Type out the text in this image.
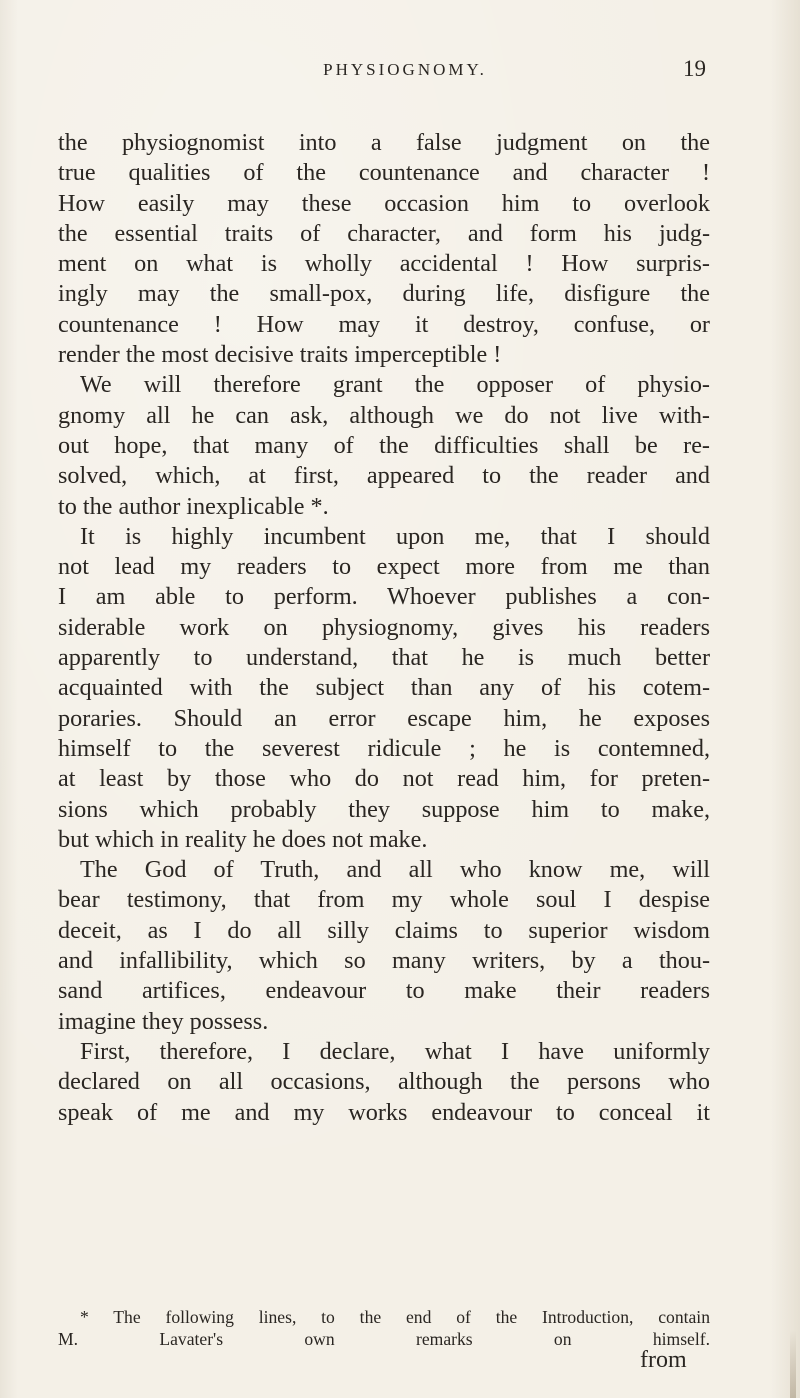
PHYSIOGNOMY.	19
the physiognomist into a false judgment on the
true qualities of the countenance and character !
How easily may these occasion him to overlook
the essential traits of character, and form his judg-
ment on what is wholly accidental ! How surpris-
ingly may the small-pox, during life, disfigure the
countenance ! How may it destroy, confuse, or
render the most decisive traits imperceptible !
We will therefore grant the opposer of physio-
gnomy all he can ask, although we do not live with-
out hope, that many of the difficulties shall be re-
solved, which, at first, appeared to the reader and
to the author inexplicable *.
It is highly incumbent upon me, that I should
not lead my readers to expect more from me than
I am able to perform. Whoever publishes a con-
siderable work on physiognomy, gives his readers
apparently to understand, that he is much better
acquainted with the subject than any of his cotem-
poraries. Should an error escape him, he exposes
himself to the severest ridicule ; he is contemned,
at least by those who do not read him, for preten-
sions which probably they suppose him to make,
but which in reality he does not make.
The God of Truth, and all who know me, will
bear testimony, that from my whole soul I despise
deceit, as I do all silly claims to superior wisdom
and infallibility, which so many writers, by a thou-
sand artifices, endeavour to make their readers
imagine they possess.
First, therefore, I declare, what I have uniformly
declared on all occasions, although the persons who
speak of me and my works endeavour to conceal it
* The following lines, to the end of the Introduction, contain
M. Lavater's own remarks on himself.
from
